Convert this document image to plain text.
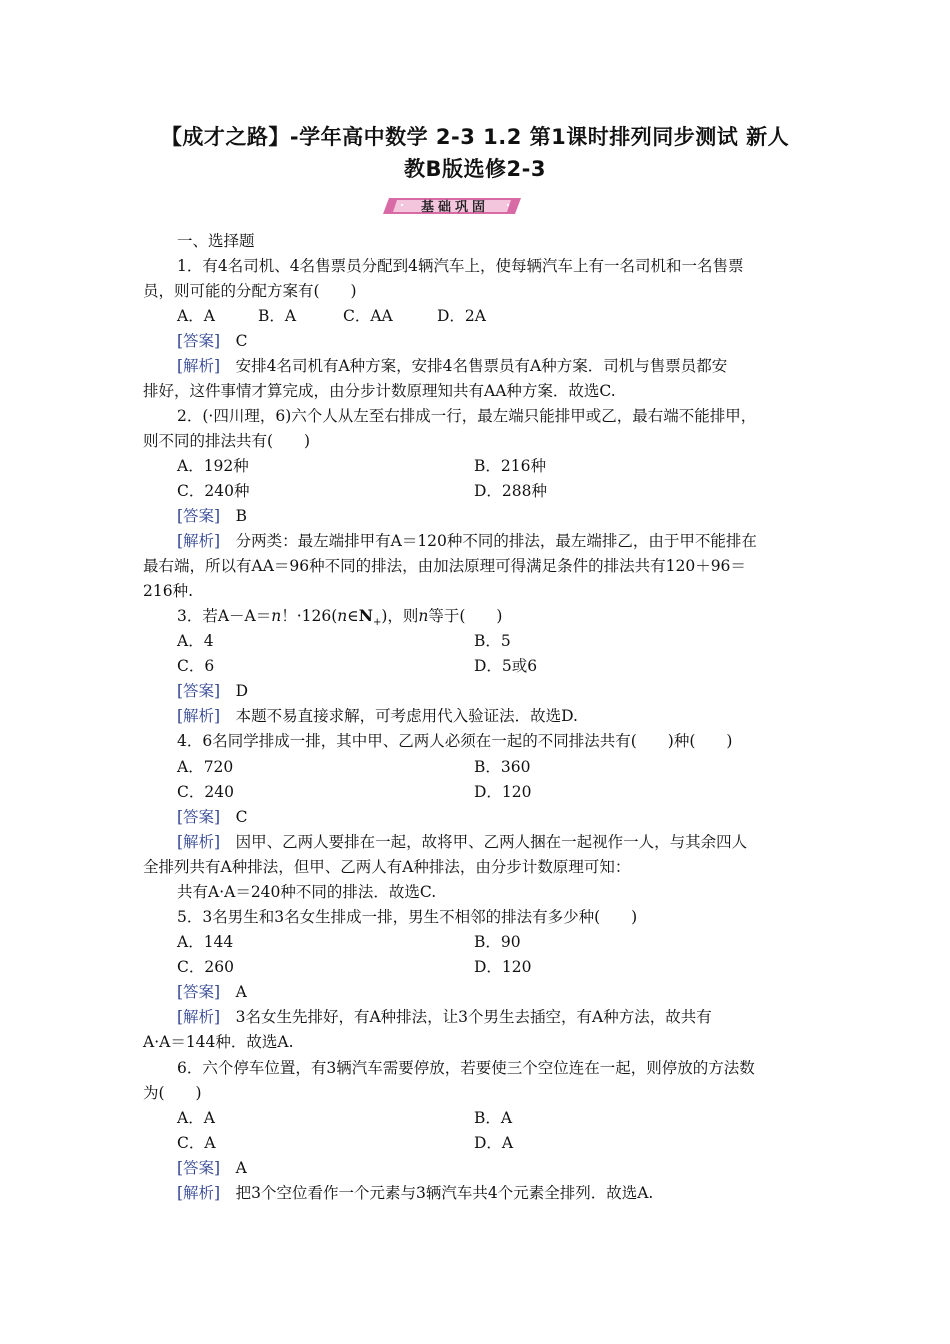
【成才之路】-学年高中数学 2-3 1.2 第1课时排列同步测试 新人
教B版选修2-3
基础巩固
一、选择题
1．有4名司机、4名售票员分配到4辆汽车上，使每辆汽车上有一名司机和一名售票
员，则可能的分配方案有(　　)
A．A	B．A	C．AA	D．2A
[答案]　 C
[解析]　 安排4名司机有A种方案，安排4名售票员有A种方案．司机与售票员都安
排好，这件事情才算完成，由分步计数原理知共有AA种方案．故选C.
2．(·四川理，6)六个人从左至右排成一行，最左端只能排甲或乙，最右端不能排甲，
则不同的排法共有(　　)
A．192种	B．216种
C．240种	D．288种
[答案]　 B
[解析]　 分两类：最左端排甲有A＝120种不同的排法，最左端排乙，由于甲不能排在
最右端，所以有AA＝96种不同的排法，由加法原理可得满足条件的排法共有120＋96＝
216种.
3．若A－A＝n！$\cdot 126(n\in N_+)$，则n等于(　　)
A．4	B．5
C．6	D．5或6
[答案]　 D
[解析]　 本题不易直接求解，可考虑用代入验证法．故选D.
4．6名同学排成一排，其中甲、乙两人必须在一起的不同排法共有(　　)种(　　)
A．720	B．360
C．240	D．120
[答案]　 C
[解析]　 因甲、乙两人要排在一起，故将甲、乙两人捆在一起视作一人，与其余四人
全排列共有A种排法，但甲、乙两人有A种排法，由分步计数原理可知：
共有A·A＝240种不同的排法．故选C.
5．3名男生和3名女生排成一排，男生不相邻的排法有多少种(　　)
A．144	B．90
C．260	D．120
[答案]　 A
[解析]　 3名女生先排好，有A种排法，让3个男生去插空，有A种方法，故共有
A·A＝144种．故选A.
6．六个停车位置，有3辆汽车需要停放，若要使三个空位连在一起，则停放的方法数
为(　　)
A．A	B．A
C．A	D．A
[答案]　 A
[解析]　 把3个空位看作一个元素与3辆汽车共4个元素全排列．故选A.
